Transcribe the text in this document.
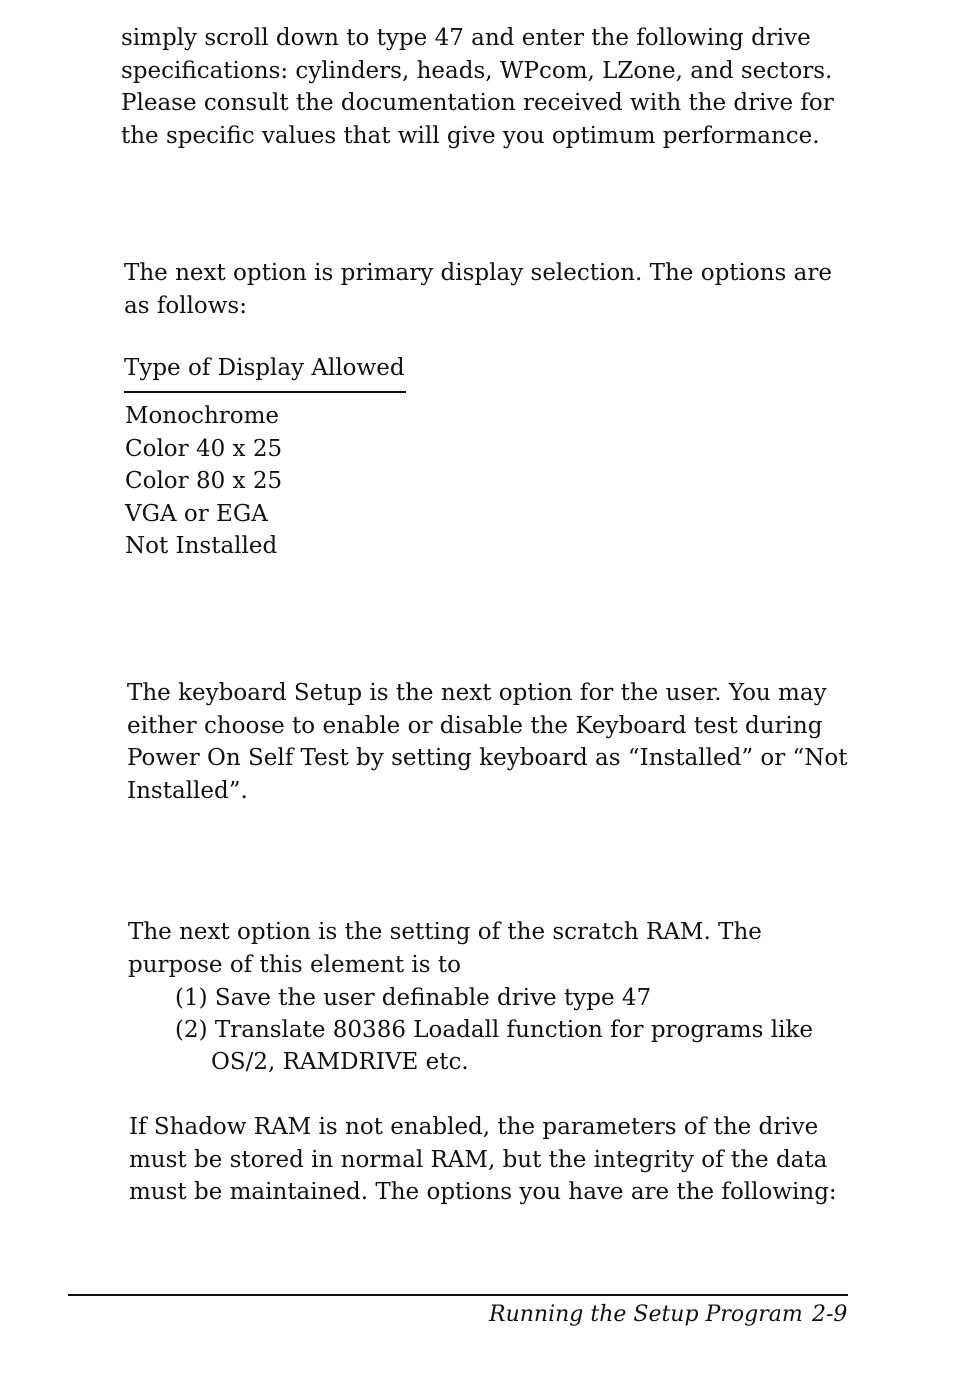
simply scroll down to type 47 and enter the following drive
specifications: cylinders, heads, WPcom, LZone, and sectors.
Please consult the documentation received with the drive for
the specific values that will give you optimum performance.

The next option is primary display selection. The options are
as follows:

Type of Display Allowed
Monochrome
Color 40 x 25
Color 80 x 25
VGA or EGA
Not Installed

The keyboard Setup is the next option for the user. You may
either choose to enable or disable the Keyboard test during
Power On Self Test by setting keyboard as “Installed” or “Not
Installed”.

The next option is the setting of the scratch RAM. The
purpose of this element is to

(1) Save the user definable drive type 47
(2) Translate 80386 Loadall function for programs like
OS/2, RAMDRIVE etc.

If Shadow RAM is not enabled, the parameters of the drive
must be stored in normal RAM, but the integrity of the data
must be maintained. The options you have are the following:

Running the Setup Program 2-9
